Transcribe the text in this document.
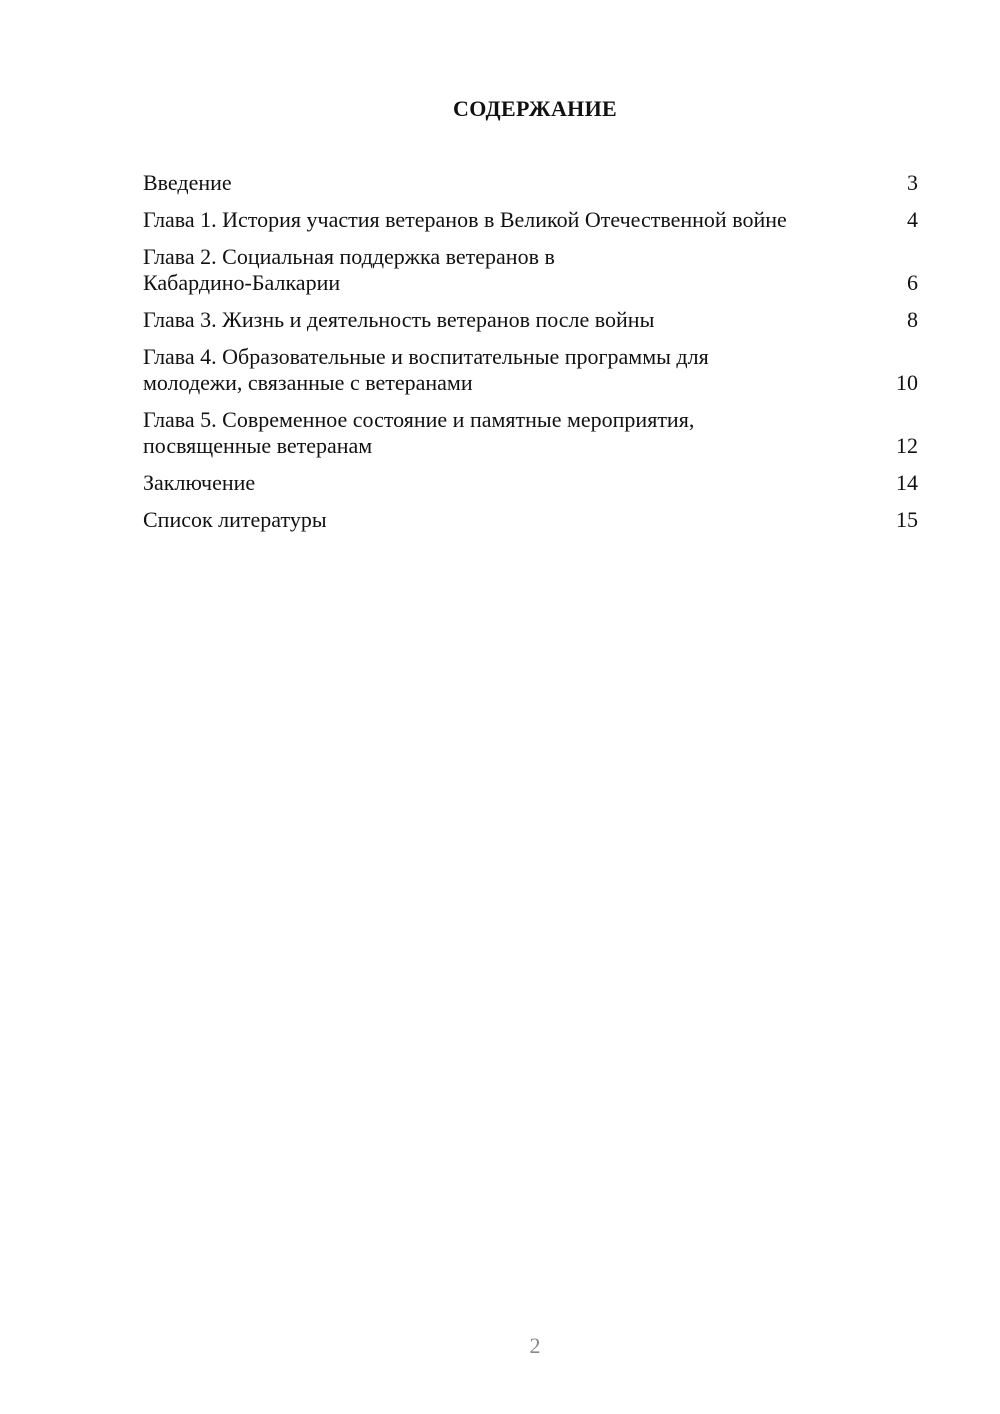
СОДЕРЖАНИЕ
Введение	3
Глава 1. История участия ветеранов в Великой Отечественной войне	4
Глава 2. Социальная поддержка ветеранов в Кабардино-Балкарии	6
Глава 3. Жизнь и деятельность ветеранов после войны	8
Глава 4. Образовательные и воспитательные программы для молодежи, связанные с ветеранами	10
Глава 5. Современное состояние и памятные мероприятия, посвященные ветеранам	12
Заключение	14
Список литературы	15
2
